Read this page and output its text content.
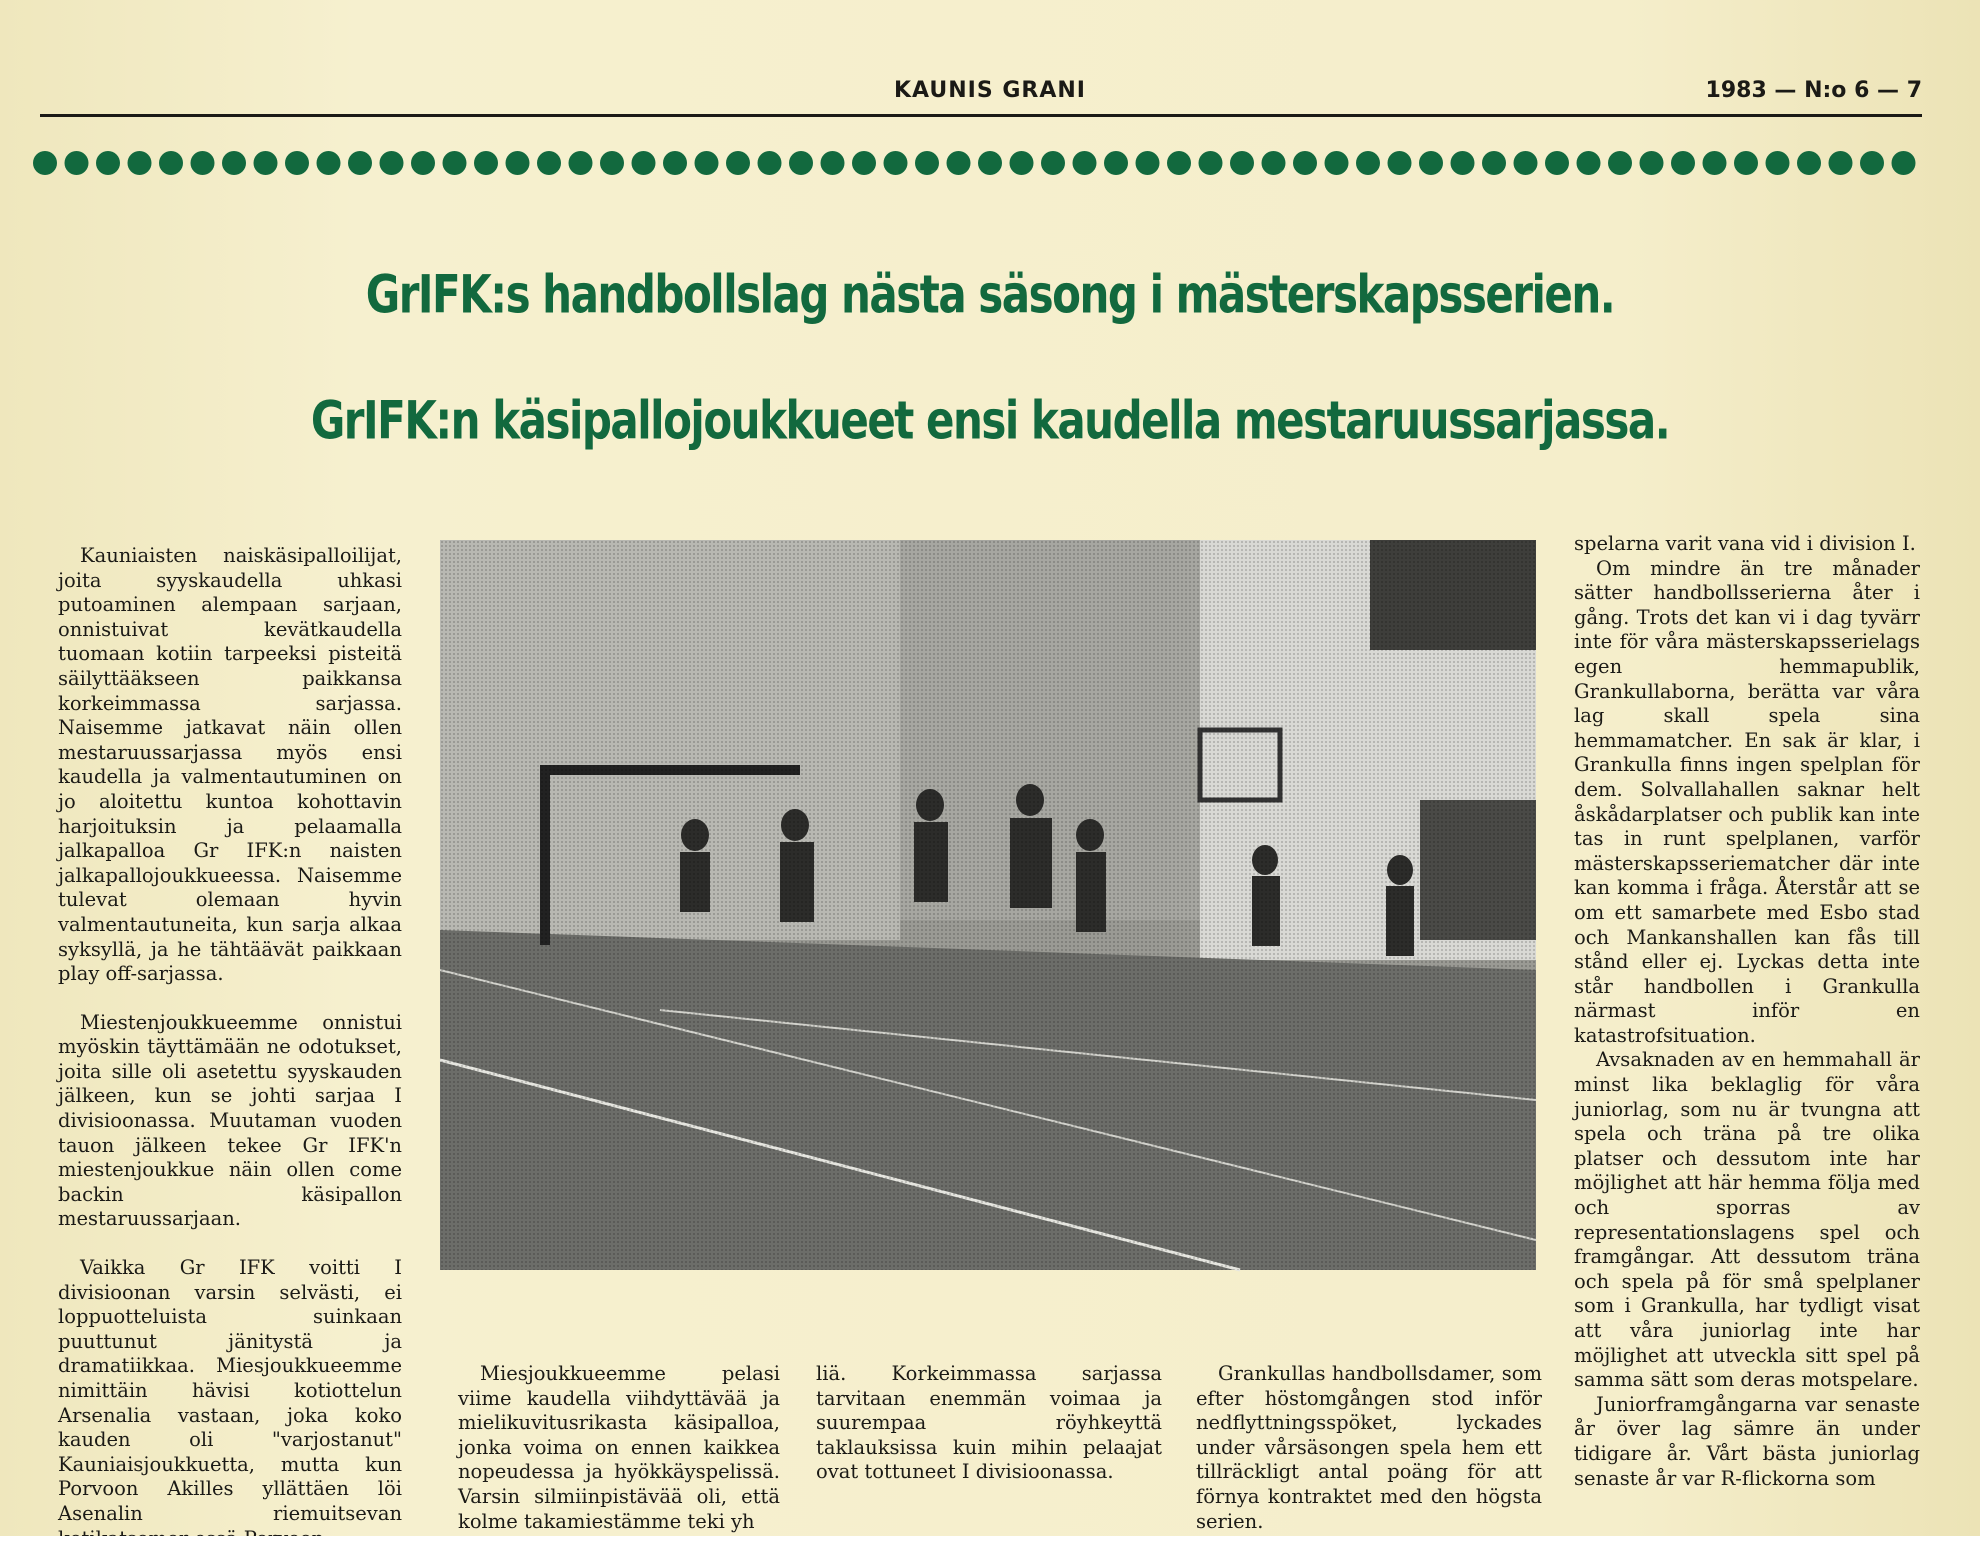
KAUNIS GRANI	1983 — N:o 6 — 7
GrIFK:s handbollslag nästa säsong i mästerskapsserien.
GrIFK:n käsipallojoukkueet ensi kaudella mestaruussarjassa.

Kauniaisten naiskäsipalloilijat, joita syyskaudella uhkasi putoaminen alempaan sarjaan, onnistuivat kevätkaudella tuomaan kotiin tarpeeksi pisteitä säilyttääkseen paikkansa korkeimmassa sarjassa. Naisemme jatkavat näin ollen mestaruussarjassa myös ensi kaudella ja valmentautuminen on jo aloitettu kuntoa kohottavin harjoituksin ja pelaamalla jalkapalloa Gr IFK:n naisten jalkapallojoukkueessa. Naisemme tulevat olemaan hyvin valmentautuneita, kun sarja alkaa syksyllä, ja he tähtäävät paikkaan play off-sarjassa.

Miestenjoukkueemme onnistui myöskin täyttämään ne odotukset, joita sille oli asetettu syyskauden jälkeen, kun se johti sarjaa I divisioonassa. Muutaman vuoden tauon jälkeen tekee Gr IFK'n miestenjoukkue näin ollen come backin käsipallon mestaruussarjaan.

Vaikka Gr IFK voitti I divisioonan varsin selvästi, ei loppuotteluista suinkaan puuttunut jänitystä ja dramatiikkaa. Miesjoukkueemme nimittäin hävisi kotiottelun Arsenalia vastaan, joka koko kauden oli "varjostanut" Kauniaisjoukkuetta, mutta kun Porvoon Akilles yllättäen löi Asenalin riemuitsevan

Miesjoukkueemme pelasi viime kaudella viihdyttävää ja mielikuvitusrikasta käsipalloa, jonka voima on ennen kaikkea nopeudessa ja hyökkäyspelissä. Varsin silmiinpistävää oli, että kolme takamiestämme teki yh

liä. Korkeimmassa sarjassa tarvitaan enemmän voimaa ja suurempaa röyhkeyttä taklauksissa kuin mihin pelaajat ovat tottuneet I divisioonassa.

Grankullas handbollsdamer, som efter höstomgången stod inför nedflyttningsspöket, lyckades under vårsäsongen spela hem ett tillräckligt antal poäng för att förnya kontraktet med den högsta serien.

spelarna varit vana vid i division I.

Om mindre än tre månader sätter handbollsserierna åter i gång. Trots det kan vi i dag tyvärr inte för våra mästerskapsserielags egen hemmapublik, Grankullaborna, berätta var våra lag skall spela sina hemmamatcher. En sak är klar, i Grankulla finns ingen spelplan för dem. Solvallahallen saknar helt åskådarplatser och publik kan inte tas in runt spelplanen, varför mästerskapsseriematcher där inte kan komma i fråga. Återstår att se om ett samarbete med Esbo stad och Mankanshallen kan fås till stånd eller ej. Lyckas detta inte står handbollen i Grankulla närmast inför en katastrofsituation.

Avsaknaden av en hemmahall är minst lika beklaglig för våra juniorlag, som nu är tvungna att spela och träna på tre olika platser och dessutom inte har möjlighet att här hemma följa med och sporras av representationslagens spel och framgångar. Att dessutom träna och spela på för små spelplaner som i Grankulla, har tydligt visat att våra juniorlag inte har möjlighet att utveckla sitt spel på samma sätt som deras motspelare.

Juniorframgångarna var senaste år över lag sämre än under tidigare år. Vårt bästa juniorlag senaste år var R-flickorna som
